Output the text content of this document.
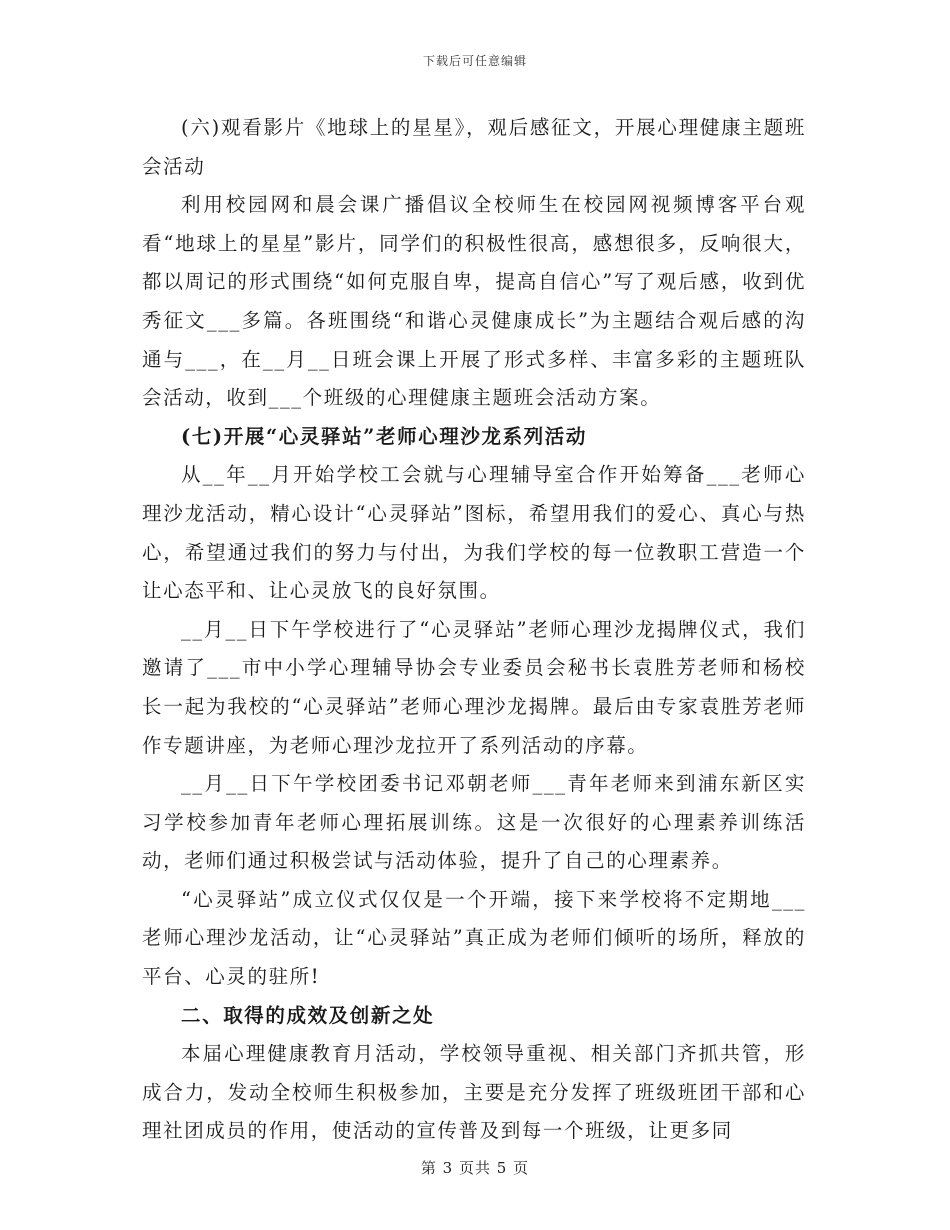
下载后可任意编辑

(六)观看影片《地球上的星星》，观后感征文，开展心理健康主题班会活动

利用校园网和晨会课广播倡议全校师生在校园网视频博客平台观看“地球上的星星”影片，同学们的积极性很高，感想很多，反响很大，都以周记的形式围绕“如何克服自卑，提高自信心”写了观后感，收到优秀征文___多篇。各班围绕“和谐心灵健康成长”为主题结合观后感的沟通与___，在__月__日班会课上开展了形式多样、丰富多彩的主题班队会活动，收到___个班级的心理健康主题班会活动方案。

(七)开展“心灵驿站”老师心理沙龙系列活动

从__年__月开始学校工会就与心理辅导室合作开始筹备___老师心理沙龙活动，精心设计“心灵驿站”图标，希望用我们的爱心、真心与热心，希望通过我们的努力与付出，为我们学校的每一位教职工营造一个让心态平和、让心灵放飞的良好氛围。

__月__日下午学校进行了“心灵驿站”老师心理沙龙揭牌仪式，我们邀请了___市中小学心理辅导协会专业委员会秘书长袁胜芳老师和杨校长一起为我校的“心灵驿站”老师心理沙龙揭牌。最后由专家袁胜芳老师作专题讲座，为老师心理沙龙拉开了系列活动的序幕。

__月__日下午学校团委书记邓朝老师___青年老师来到浦东新区实习学校参加青年老师心理拓展训练。这是一次很好的心理素养训练活动，老师们通过积极尝试与活动体验，提升了自己的心理素养。

“心灵驿站”成立仪式仅仅是一个开端，接下来学校将不定期地___老师心理沙龙活动，让“心灵驿站”真正成为老师们倾听的场所，释放的平台、心灵的驻所!

二、取得的成效及创新之处

本届心理健康教育月活动，学校领导重视、相关部门齐抓共管，形成合力，发动全校师生积极参加，主要是充分发挥了班级班团干部和心理社团成员的作用，使活动的宣传普及到每一个班级，让更多同

第 3 页共 5 页
